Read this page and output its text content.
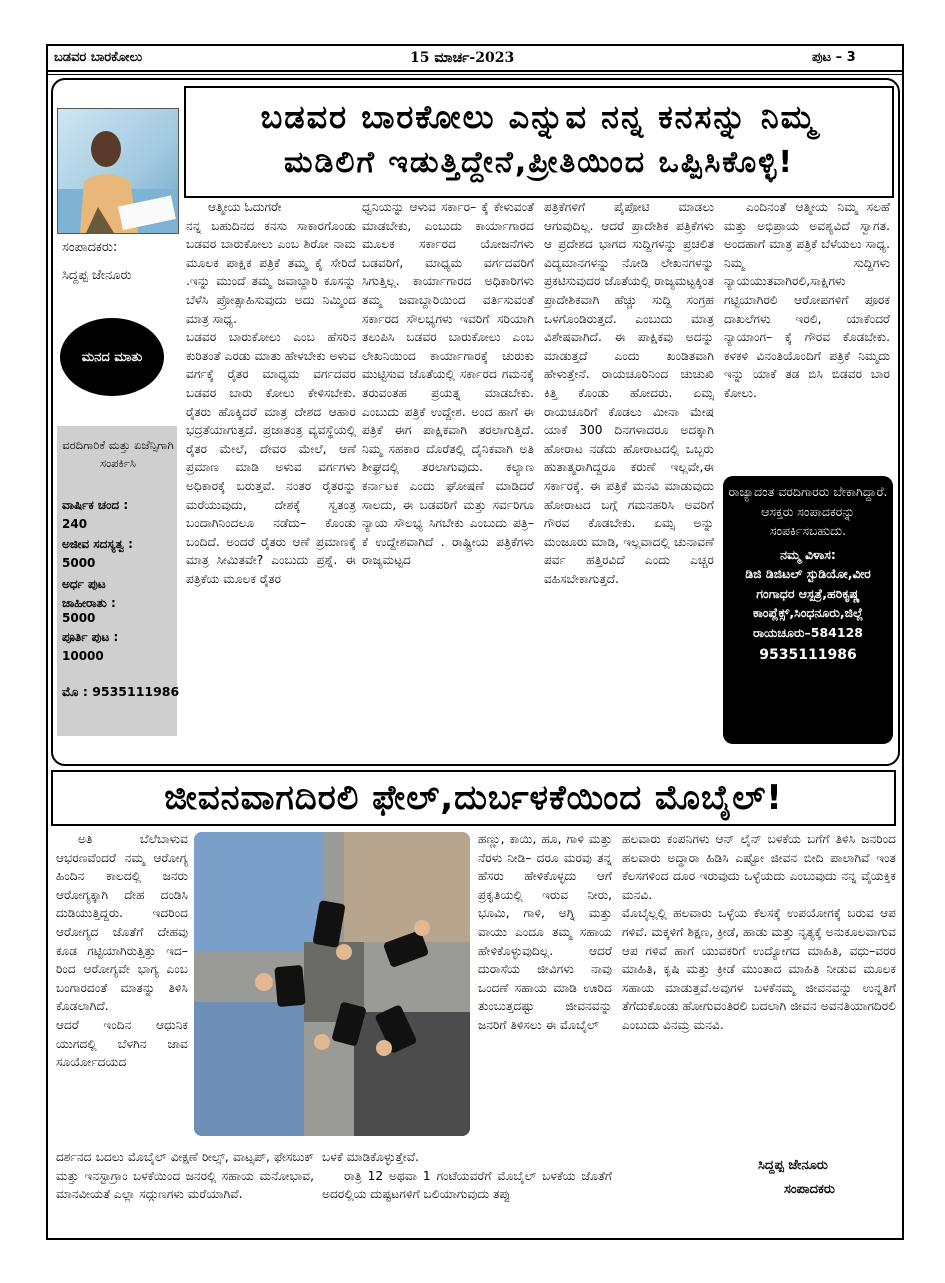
ಬಡವರ ಬಾರಕೋಲು	15 ಮಾರ್ಚ-2023	ಪುಟ – 3
ಬಡವರ ಬಾರಕೋಲು ಎನ್ನುವ ನನ್ನ ಕನಸನ್ನು ನಿಮ್ಮ
ಮಡಿಲಿಗೆ ಇಡುತ್ತಿದ್ದೇನೆ,ಪ್ರೀತಿಯಿಂದ ಒಪ್ಪಿಸಿಕೊಳ್ಳಿ!
ಸಂಪಾದಕರು:
ಸಿದ್ದಪ್ಪ ಜೇನೂರು
ಮನದ ಮಾತು
ವರದಿಗಾರಿಕೆ ಮತ್ತು ಏಜೆನ್ಸಿಗಾಗಿ ಸಂಪರ್ಕಿಸಿ
ವಾರ್ಷಿಕ ಚಂದ :
240
ಅಜೀವ ಸದಸ್ಯತ್ವ :
5000
ಅರ್ಧ ಪುಟ ಜಾಹೀರಾತು :
5000
ಪೂರ್ತಿ ಪುಟ :
10000
ಮೊ : 9535111986

ಆತ್ಮೀಯ ಓದುಗರೇ
ನನ್ನ ಬಹುದಿನದ ಕನಸು ಸಾಕಾರಗೊಂಡು ಬಡವರ ಬಾರುಕೋಲು ಎಂಬ ಶಿರೋ ನಾಮ ಮೂಲಕ ಪಾಕ್ಷಿಕ ಪತ್ರಿಕೆ ತಮ್ಮ ಕೈ ಸೇರಿದೆ .ಇನ್ನು ಮುಂದೆ ತಮ್ಮ ಜವಾಬ್ದಾರಿ ಕೂಸನ್ನು ಬೆಳೆಸಿ ಪ್ರೋತ್ಸಾಹಿಸುವುದು ಅದು ನಿಮ್ಮಿಂದ ಮಾತ್ರ ಸಾಧ್ಯ.
ಬಡವರ ಬಾರುಕೋಲು ಎಂಬ ಹೆಸರಿನ ಕುರಿತಂತೆ ಎರಡು ಮಾತು ಹೇಳಬೇಕು ಅಳುವ ವರ್ಗಕ್ಕೆ ರೈತರ ಮಾಧ್ಯಮ ವರ್ಗದವರ ಬಡವರ ಬಾರು ಕೋಲು ಕೇಳಿಸಬೇಕು. ರೈತರು ಹೊಕ್ಕಿದರೆ ಮಾತ್ರ ದೇಶದ ಆಹಾರ ಭದ್ರತೆಯಾಗುತ್ತದೆ. ಪ್ರಜಾತಂತ್ರ ವ್ಯವಸ್ಥೆಯಲ್ಲಿ ರೈತರ ಮೇಲೆ, ದೇವರ ಮೇಲೆ, ಆಣೆ ಪ್ರಮಾಣ ಮಾಡಿ ಅಳುವ ವರ್ಗಗಳು ಅಧಿಕಾರಕ್ಕೆ ಬರುತ್ತವೆ. ನಂತರ ರೈತರನ್ನು ಮರೆಯುವುದು, ದೇಶಕ್ಕೆ ಸ್ವತಂತ್ರ ಬಂದಾಗಿನಿಂದಲೂ ನಡೆದು– ಕೊಂಡು ಬಂದಿದೆ. ಅಂದರೆ ರೈತರು ಆಣೆ ಪ್ರಮಾಣಕ್ಕೆ ಮಾತ್ರ ಸೀಮಿತವೇ? ಎಂಬುದು ಪ್ರಶ್ನೆ. ಈ ಪತ್ರಿಕೆಯ ಮೂಲಕ ರೈತರ

ಧ್ವನಿಯನ್ನು ಆಳುವ ಸರ್ಕಾರ– ಕ್ಕೆ ಕೇಳುವಂತೆ ಮಾಡಬೇಕು, ಎಂಬುದು ಕಾರ್ಯಾಗಾರದ ಮೂಲಕ ಸರ್ಕಾರದ ಯೋಜನೆಗಳು ಬಡವರಿಗೆ, ಮಾಧ್ಯಮ ವರ್ಗದವರಿಗೆ ಸಿಗುತ್ತಿಲ್ಲ. ಕಾರ್ಯಾಗಾರದ ಅಧಿಕಾರಿಗಳು ತಮ್ಮ ಜವಾಬ್ದಾರಿಯಿಂದ ವರ್ತಿಸುವಂತೆ ಸರ್ಕಾರದ ಸೌಲಭ್ಯಗಳು ಇವರಿಗೆ ಸರಿಯಾಗಿ ತಲುಪಿಸಿ ಬಡವರ ಬಾರುಕೋಲು ಎಂಬ ಲೇಖನಿಯಿಂದ ಕಾರ್ಯಾಗಾರಕ್ಕೆ ಚುರುಕು ಮುಟ್ಟಿಸುವ ಜೊತೆಯಲ್ಲಿ ಸರ್ಕಾರದ ಗಮನಕ್ಕೆ ತರುವಂತಹ ಪ್ರಯತ್ನ ಮಾಡಬೇಕು. ಎಂಬುದು ಪತ್ರಿಕೆ ಉದ್ದೇಶ. ಅಂದ ಹಾಗೆ ಈ ಪತ್ರಿಕೆ ಈಗ ಪಾಕ್ಷಿಕವಾಗಿ ತರಲಾಗುತ್ತಿದೆ. ನಿಮ್ಮ ಸಹಕಾರ ದೊರೆತಲ್ಲಿ ದೈನಿಕವಾಗಿ ಅತಿ ಶೀಘ್ರದಲ್ಲಿ ತರಲಾಗುವುದು. ಕಲ್ಯಾಣ ಕರ್ನಾಟಕ ಎಂದು ಘೋಷಣೆ ಮಾಡಿದರೆ ಸಾಲದು, ಈ ಬಡವರಿಗೆ ಮತ್ತು ಸರ್ವರಿಗೂ ನ್ಯಾಯ ಸೌಲಭ್ಯ ಸಿಗಬೇಕು ಎಂಬುದು ಪತ್ರಿ– ಕೆ ಉದ್ದೇಶವಾಗಿದೆ . ರಾಷ್ಟ್ರೀಯ ಪತ್ರಿಕೆಗಳು ರಾಜ್ಯಮಟ್ಟದ

ಪತ್ರಿಕೆಗಳಿಗೆ ಪೈಪೋಟಿ ಮಾಡಲು ಆಗುವುದಿಲ್ಲ. ಆದರೆ ಪ್ರಾದೇಶಿಕ ಪತ್ರಿಕೆಗಳು ಆ ಪ್ರದೇಶದ ಭಾಗದ ಸುದ್ದಿಗಳನ್ನು ಪ್ರಚಲಿತ ವಿದ್ಯಮಾನಗಳನ್ನು ನೋಡಿ ಲೇಖನಗಳನ್ನು ಪ್ರಕಟಿಸುವುದರ ಜೊತೆಯಲ್ಲಿ ರಾಜ್ಯಮಟ್ಟಕ್ಕಿಂತ ಪ್ರಾದೇಶಿಕವಾಗಿ ಹೆಚ್ಚು ಸುದ್ದಿ ಸಂಗ್ರಹ ಒಳಗೊಂಡಿರುತ್ತದೆ. ಎಂಬುದು ಮಾತ್ರ ವಿಶೇಷವಾಗಿದೆ. ಈ ಪಾಕ್ಷಿಕವು ಅದನ್ನು ಮಾಡುತ್ತದೆ ಎಂದು ಖಂಡಿತವಾಗಿ ಹೇಳುತ್ತೇನೆ. ರಾಯಚೂರಿನಿಂದ ಚುಚುಖಿ ಕಿತ್ತಿ ಕೊಂಡು ಹೋದರು. ಏಮ್ಸ ರಾಯಚೂರಿಗೆ ಕೊಡಲು ಮೀನಾ ಮೇಷ ಯಾಕೆ 300 ದಿನಗಳಾದರೂ ಅದಕ್ಕಾಗಿ ಹೋರಾಟ ನಡೆದು ಹೋರಾಟದಲ್ಲಿ ಒಬ್ಬರು ಹುತಾತ್ಮರಾಗಿದ್ದರೂ ಕರುಣೆ ಇಲ್ಲವೇ,ಈ ಸರ್ಕಾರಕ್ಕೆ. ಈ ಪತ್ರಿಕೆ ಮನವಿ ಮಾಡುವುದು ಹೋರಾಟದ ಬಗ್ಗೆ ಗಮನಹರಿಸಿ ಅವರಿಗೆ ಗೌರವ ಕೊಡಬೇಕು. ಏಮ್ಸ ಅನ್ನು ಮಂಜೂರು ಮಾಡಿ, ಇಲ್ಲವಾದಲ್ಲಿ ಚುನಾವಣೆ ಪರ್ವ ಹತ್ತಿರವಿದೆ ಎಂದು ಎಚ್ಚರ ವಹಿಸಬೇಕಾಗುತ್ತದೆ.

ಎಂದಿನಂತೆ ಆತ್ಮೀಯ ನಿಮ್ಮ ಸಲಹೆ ಮತ್ತು ಅಭಿಪ್ರಾಯ ಅವಶ್ಯವಿದೆ ಸ್ವಾಗತ. ಅಂದಹಾಗೆ ಮಾತ್ರ ಪತ್ರಿಕೆ ಬೆಳೆಯಲು ಸಾಧ್ಯ. ನಿಮ್ಮ ಸುದ್ದಿಗಳು ನ್ಯಾಯಯುತವಾಗಿರಲಿ,ಸಾಕ್ಷಿಗಳು ಗಟ್ಟಿಯಾಗಿರಲಿ ಆರೋಪಗಳಿಗೆ ಪೂರಕ ದಾಖಲೆಗಳು ಇರಲಿ, ಯಾಕೆಂದರೆ ನ್ಯಾಯಾಂಗ– ಕ್ಕೆ ಗೌರವ ಕೊಡಬೇಕು. ಕಳಕಳಿ ವಿನಂತಿಯೊಂದಿಗೆ ಪತ್ರಿಕೆ ನಿಮ್ಮದು ಇನ್ನು ಯಾಕೆ ತಡ ಬಿಸಿ ಬಿಡವರ ಬಾರ ಕೋಲು.

ರಾಜ್ಯಾದಂತ ವರದಿಗಾರರು ಬೇಕಾಗಿದ್ದಾರೆ. ಆಸಕ್ತರು ಸಂಪಾದಕರನ್ನು ಸಂಪರ್ಕಿಸಬಹುದು.
ನಮ್ಮ ವಿಳಾಸ:
ಡಿಜಿ ಡಿಜಿಟಲ್ ಸ್ಟುಡಿಯೋ,ವೀರ ಗಂಗಾಧರ ಆಸ್ಪತ್ರೆ,ಹರಿಕೃಷ್ಣ ಕಾಂಪ್ಲೆಕ್ಸ್,ಸಿಂಧನೂರು,ಜಿಲ್ಲೆ ರಾಯಚೂರು–584128
9535111986
ಜೀವನವಾಗದಿರಲಿ ಫೇಲ್,ದುರ್ಬಳಕೆಯಿಂದ ಮೊಬೈಲ್!

ಅತಿ ಬೆಲೆಬಾಳುವ ಆಭರಣವೆಂದರೆ ನಮ್ಮ ಆರೋಗ್ಯ ಹಿಂದಿನ ಕಾಲದಲ್ಲಿ ಜನರು ಆರೋಗ್ಯಕ್ಕಾಗಿ ದೇಹ ದಂಡಿಸಿ ದುಡಿಯುತ್ತಿದ್ದರು. ಇದರಿಂದ ಆರೋಗ್ಯದ ಜೊತೆಗೆ ದೇಹವು ಕೂಡ ಗಟ್ಟಿಯಾಗಿರುತ್ತಿತ್ತು ಇದ– ರಿಂದ ಆರೋಗ್ಯವೇ ಭಾಗ್ಯ ಎಂಬ ಬಂಗಾರದಂತೆ ಮಾತನ್ನು ತಿಳಿಸಿ ಕೊಡಲಾಗಿದೆ.
ಆದರೆ ಇಂದಿನ ಆಧುನಿಕ ಯುಗದಲ್ಲಿ ಬೆಳಗಿನ ಜಾವ ಸೂರ್ಯೋದಯದ

ಹಣ್ಣು, ಕಾಯಿ, ಹೂ, ಗಾಳಿ ಮತ್ತು ನೆರಳು ನೀಡಿ– ದರೂ ಮರವು ತನ್ನ ಹೆಸರು ಹೇಳಿಕೊಳ್ಳದು ಆಗೆ ಪ್ರಕೃತಿಯಲ್ಲಿ ಇರುವ ನೀರು, ಭೂಮಿ, ಗಾಳಿ, ಅಗ್ನಿ ಮತ್ತು ವಾಯು ಎಂದೂ ತಮ್ಮ ಸಹಾಯ ಹೇಳಿಕೊಳ್ಳುವುದಿಲ್ಲ. ಆದರೆ ದುರಾಸೆಯ ಜೀವಿಗಳು ನಾವು ಒಂದಣೆ ಸಹಾಯ ಮಾಡಿ ಊರಿದ ತುಂಬುತ್ತದಷ್ಟು ಜೀವನವನ್ನು ಜನರಿಗೆ ತಿಳಿಸಲು ಈ ಮೊಬೈಲ್

ದರ್ಶನದ ಬದಲು ಮೊಬೈಲ್ ವೀಕ್ಷಣೆ ರೀಲ್ಸ್, ವಾಟ್ಸಪ್, ಫೇಸಬುಕ್ ಮತ್ತು ಇನಸ್ಟಾಗ್ರಾಂ ಬಳಕೆಯಿಂದ ಜನರಲ್ಲಿ ಸಹಾಯ ಮನೋಭಾವ, ಮಾನವೀಯತೆ ಎಲ್ಲಾ ಸದ್ಗುಣಗಳು ಮರೆಯಾಗಿವೆ.

ಬಳಕೆ ಮಾಡಿಕೊಳ್ಳುತ್ತೇವೆ.

ರಾತ್ರಿ 12 ಅಥವಾ 1 ಗಂಟೆಯವರೆಗೆ ಮೊಬೈಲ್ ಬಳಕೆಯ ಜೊತೆಗೆ ಅದರಲ್ಲಿಯ ದುಷ್ಟಟಗಳಿಗೆ ಬಲಿಯಾಗುವುದು ತಪ್ಪು

ಹಲವಾರು ಕಂಪನಿಗಳು ಆನ್ ಲೈನ್ ಬಳಕೆಯ ಬಗೆಗೆ ತಿಳಿಸಿ ಜನರಿಂದ ಹಲವಾರು ಅದ್ಧಾರಾ ಹಿಡಿಸಿ ಎಷ್ಟೋ ಜೀವನ ಬೀದಿ ಪಾಲಾಗಿವೆ ಇಂತ ಕೆಲಸಗಳಿಂದ ದೂರ ಇರುವುದು ಒಳ್ಳೆಯದು ಎಂಬುವುದು ನನ್ನ ವೈಯಕ್ತಿಕ ಮನವಿ.
ಮೊಬೈಲ್ಲಲ್ಲಿ ಹಲವಾರು ಒಳ್ಳೆಯ ಕೆಲಸಕ್ಕೆ ಉಪಯೋಗಕ್ಕೆ ಬರುವ ಆಪ ಗಳಿವೆ. ಮಕ್ಕಳಿಗೆ ಶಿಕ್ಷಣ, ಕ್ರೀಡೆ, ಹಾಡು ಮತ್ತು ನೃತ್ಯಕ್ಕೆ ಅನುಕೂಲವಾಗುವ ಆಪ ಗಳಿವೆ ಹಾಗೆ ಯುವಕರಿಗೆ ಉದ್ಯೋಗದ ಮಾಹಿತಿ, ವಧು–ವರರ ಮಾಹಿತಿ, ಕೃಷಿ ಮತ್ತು ಕ್ರೀಡೆ ಮುಂತಾದ ಮಾಹಿತಿ ನೀಡುವ ಮೂಲಕ ಸಹಾಯ ಮಾಡುತ್ತವೆ.ಅವುಗಳ ಬಳಕೆನಮ್ಮ ಜೀವನವನ್ನು ಉನ್ನತಿಗೆ ತೆಗೆದುಕೊಂಡು ಹೋಗುವಂತಿರಲಿ ಬದಲಾಗಿ ಜೀವನ ಅವನತಿಯಾಗದಿರಲಿ ಎಂಬುದು ವಿನಮ್ರ ಮನವಿ.

ಸಿದ್ದಪ್ಪ ಜೇನೂರು
ಸಂಪಾದಕರು
